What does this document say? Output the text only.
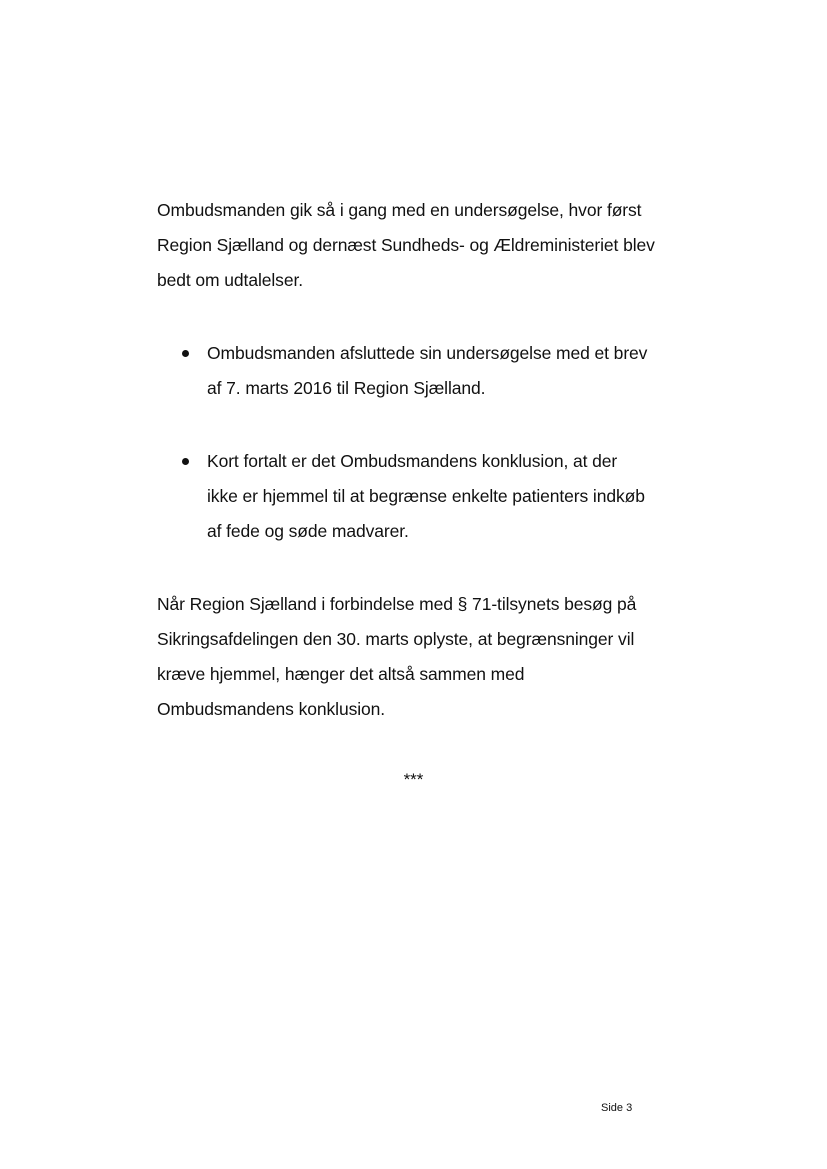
Ombudsmanden gik så i gang med en undersøgelse, hvor først
Region Sjælland og dernæst Sundheds- og Ældreministeriet blev
bedt om udtalelser.
Ombudsmanden afsluttede sin undersøgelse med et brev
af 7. marts 2016 til Region Sjælland.
Kort fortalt er det Ombudsmandens konklusion, at der
ikke er hjemmel til at begrænse enkelte patienters indkøb
af fede og søde madvarer.
Når Region Sjælland i forbindelse med § 71-tilsynets besøg på
Sikringsafdelingen den 30. marts oplyste, at begrænsninger vil
kræve hjemmel, hænger det altså sammen med
Ombudsmandens konklusion.
***
Side 3
